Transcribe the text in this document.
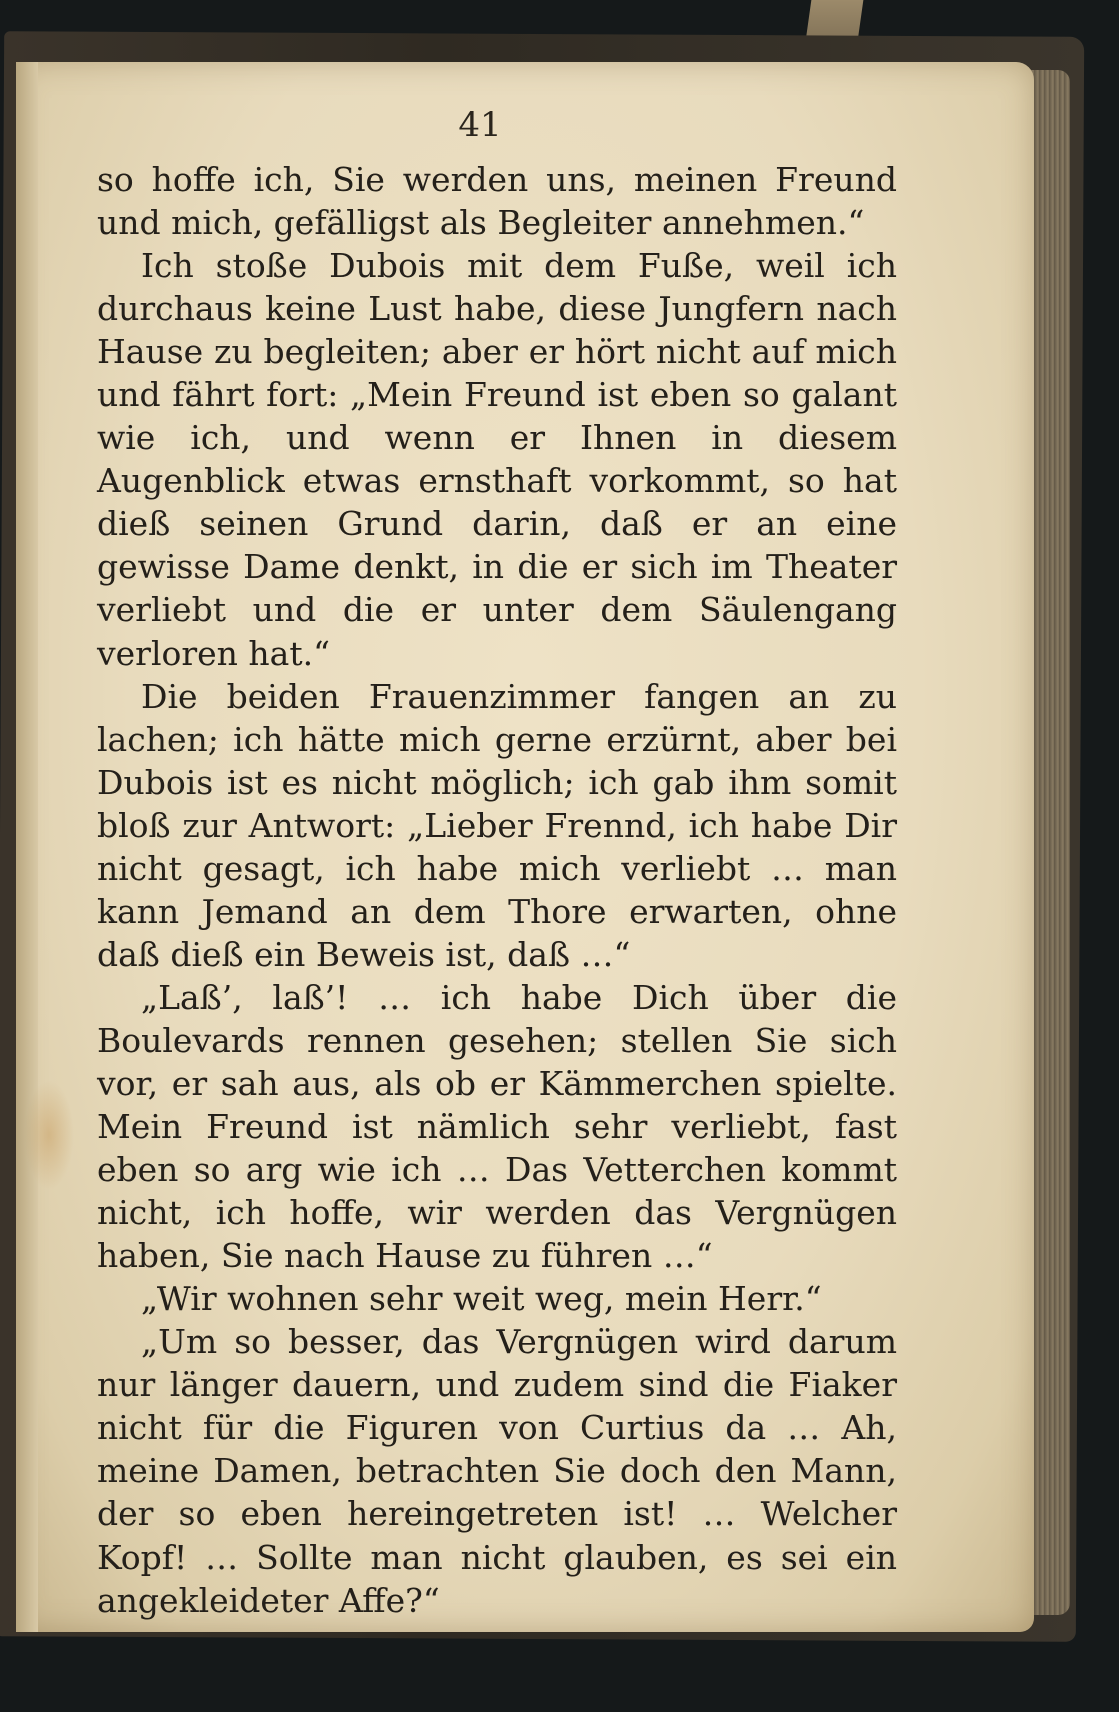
41

so hoffe ich, Sie werden uns, meinen Freund und mich, gefälligst als Begleiter annehmen.“

Ich stoße Dubois mit dem Fuße, weil ich durchaus keine Lust habe, diese Jungfern nach Hause zu begleiten; aber er hört nicht auf mich und fährt fort: „Mein Freund ist eben so galant wie ich, und wenn er Ihnen in diesem Augenblick etwas ernsthaft vorkommt, so hat dieß seinen Grund darin, daß er an eine gewisse Dame denkt, in die er sich im Theater verliebt und die er unter dem Säulengang verloren hat.“

Die beiden Frauenzimmer fangen an zu lachen; ich hätte mich gerne erzürnt, aber bei Dubois ist es nicht möglich; ich gab ihm somit bloß zur Antwort: „Lieber Frennd, ich habe Dir nicht gesagt, ich habe mich verliebt … man kann Jemand an dem Thore erwarten, ohne daß dieß ein Beweis ist, daß …“

„Laß’, laß’! … ich habe Dich über die Boulevards rennen gesehen; stellen Sie sich vor, er sah aus, als ob er Kämmerchen spielte. Mein Freund ist nämlich sehr verliebt, fast eben so arg wie ich … Das Vetterchen kommt nicht, ich hoffe, wir werden das Vergnügen haben, Sie nach Hause zu führen …“

„Wir wohnen sehr weit weg, mein Herr.“

„Um so besser, das Vergnügen wird darum nur länger dauern, und zudem sind die Fiaker nicht für die Figuren von Curtius da … Ah, meine Damen, betrachten Sie doch den Mann, der so eben hereingetreten ist! … Welcher Kopf! … Sollte man nicht glauben, es sei ein angekleideter Affe?“
